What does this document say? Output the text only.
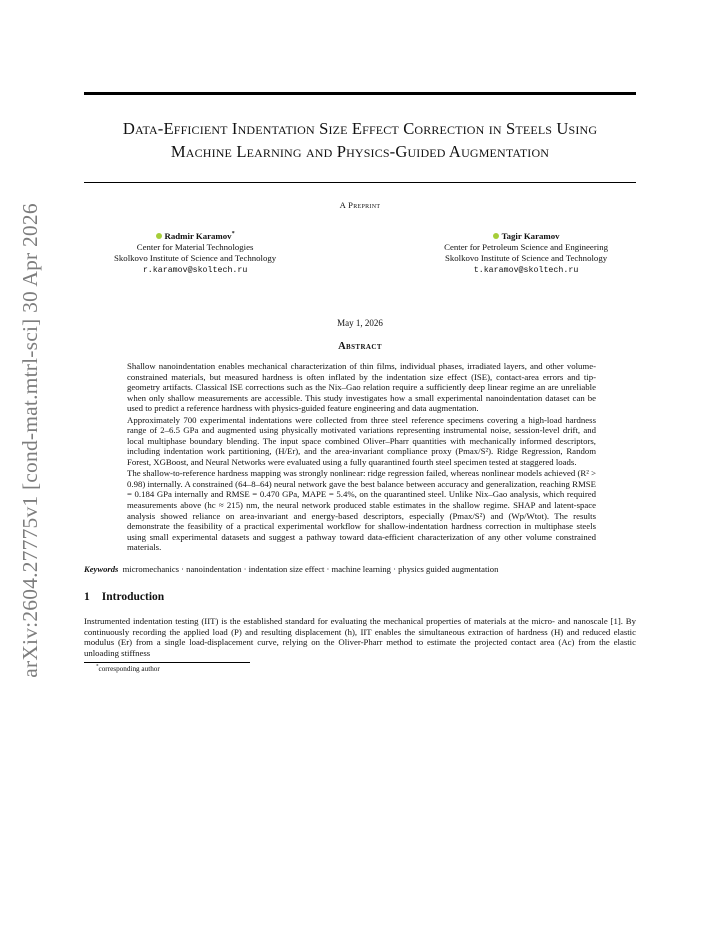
arXiv:2604.27775v1 [cond-mat.mtrl-sci] 30 Apr 2026
Data-Efficient Indentation Size Effect Correction in Steels Using Machine Learning and Physics-Guided Augmentation
A Preprint
Radmir Karamov*
Center for Material Technologies
Skolkovo Institute of Science and Technology
r.karamov@skoltech.ru
Tagir Karamov
Center for Petroleum Science and Engineering
Skolkovo Institute of Science and Technology
t.karamov@skoltech.ru
May 1, 2026
Abstract

Shallow nanoindentation enables mechanical characterization of thin films, individual phases, irradiated layers, and other volume-constrained materials, but measured hardness is often inflated by the indentation size effect (ISE), contact-area errors and tip-geometry artifacts. Classical ISE corrections such as the Nix–Gao relation require a sufficiently deep linear regime an are unreliable when only shallow measurements are accessible. This study investigates how a small experimental nanoindentation dataset can be used to predict a reference hardness with physics-guided feature engineering and data augmentation.

Approximately 700 experimental indentations were collected from three steel reference specimens covering a high-load hardness range of 2–6.5 GPa and augmented using physically motivated variations representing instrumental noise, session-level drift, and local multiphase boundary blending. The input space combined Oliver–Pharr quantities with mechanically informed descriptors, including indentation work partitioning, (H/Er), and the area-invariant compliance proxy (Pmax/S²). Ridge Regression, Random Forest, XGBoost, and Neural Networks were evaluated using a fully quarantined fourth steel specimen tested at staggered loads.

The shallow-to-reference hardness mapping was strongly nonlinear: ridge regression failed, whereas nonlinear models achieved (R² > 0.98) internally. A constrained (64–8–64) neural network gave the best balance between accuracy and generalization, reaching RMSE = 0.184 GPa internally and RMSE = 0.470 GPa, MAPE = 5.4%, on the quarantined steel. Unlike Nix–Gao analysis, which required measurements above (hc ≈ 215) nm, the neural network produced stable estimates in the shallow regime. SHAP and latent-space analysis showed reliance on area-invariant and energy-based descriptors, especially (Pmax/S²) and (Wp/Wtot). The results demonstrate the feasibility of a practical experimental workflow for shallow-indentation hardness correction in multiphase steels using small experimental datasets and suggest a pathway toward data-efficient characterization of any other volume constrained materials.

Keywords micromechanics · nanoindentation · indentation size effect · machine learning · physics guided augmentation
1 Introduction
Instrumented indentation testing (IIT) is the established standard for evaluating the mechanical properties of materials at the micro- and nanoscale [1]. By continuously recording the applied load (P) and resulting displacement (h), IIT enables the simultaneous extraction of hardness (H) and reduced elastic modulus (Er) from a single load-displacement curve, relying on the Oliver-Pharr method to estimate the projected contact area (Ac) from the elastic unloading stiffness
*corresponding author
